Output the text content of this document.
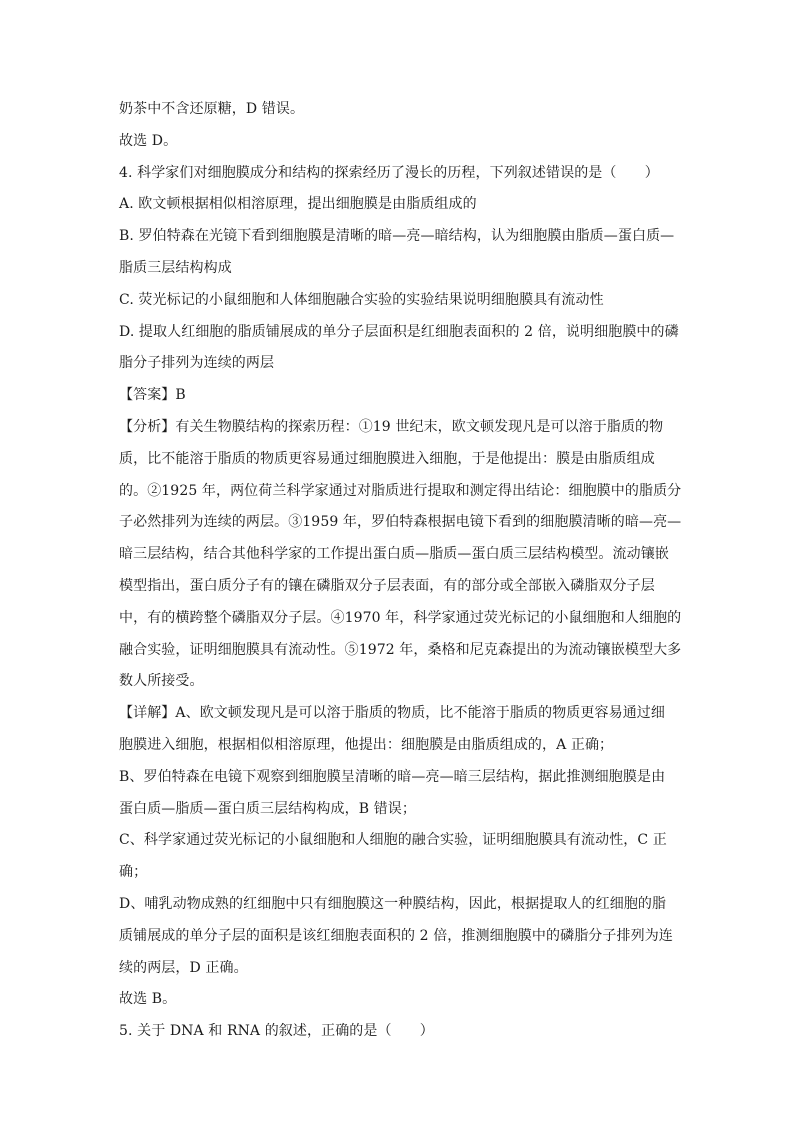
奶茶中不含还原糖，D 错误。
故选 D。
4. 科学家们对细胞膜成分和结构的探索经历了漫长的历程，下列叙述错误的是（　　）
A. 欧文顿根据相似相溶原理，提出细胞膜是由脂质组成的
B. 罗伯特森在光镜下看到细胞膜是清晰的暗—亮—暗结构，认为细胞膜由脂质—蛋白质—
脂质三层结构构成
C. 荧光标记的小鼠细胞和人体细胞融合实验的实验结果说明细胞膜具有流动性
D. 提取人红细胞的脂质铺展成的单分子层面积是红细胞表面积的 2 倍，说明细胞膜中的磷
脂分子排列为连续的两层
【答案】B
【分析】有关生物膜结构的探索历程：①19 世纪末，欧文顿发现凡是可以溶于脂质的物
质，比不能溶于脂质的物质更容易通过细胞膜进入细胞，于是他提出：膜是由脂质组成
的。②1925 年，两位荷兰科学家通过对脂质进行提取和测定得出结论：细胞膜中的脂质分
子必然排列为连续的两层。③1959 年，罗伯特森根据电镜下看到的细胞膜清晰的暗—亮—
暗三层结构，结合其他科学家的工作提出蛋白质—脂质—蛋白质三层结构模型。流动镶嵌
模型指出，蛋白质分子有的镶在磷脂双分子层表面，有的部分或全部嵌入磷脂双分子层
中，有的横跨整个磷脂双分子层。④1970 年，科学家通过荧光标记的小鼠细胞和人细胞的
融合实验，证明细胞膜具有流动性。⑤1972 年，桑格和尼克森提出的为流动镶嵌模型大多
数人所接受。
【详解】A、欧文顿发现凡是可以溶于脂质的物质，比不能溶于脂质的物质更容易通过细
胞膜进入细胞，根据相似相溶原理，他提出：细胞膜是由脂质组成的，A 正确；
B、罗伯特森在电镜下观察到细胞膜呈清晰的暗—亮—暗三层结构，据此推测细胞膜是由
蛋白质—脂质—蛋白质三层结构构成，B 错误；
C、科学家通过荧光标记的小鼠细胞和人细胞的融合实验，证明细胞膜具有流动性，C 正
确；
D、哺乳动物成熟的红细胞中只有细胞膜这一种膜结构，因此，根据提取人的红细胞的脂
质铺展成的单分子层的面积是该红细胞表面积的 2 倍，推测细胞膜中的磷脂分子排列为连
续的两层，D 正确。
故选 B。
5. 关于 DNA 和 RNA 的叙述，正确的是（　　）
